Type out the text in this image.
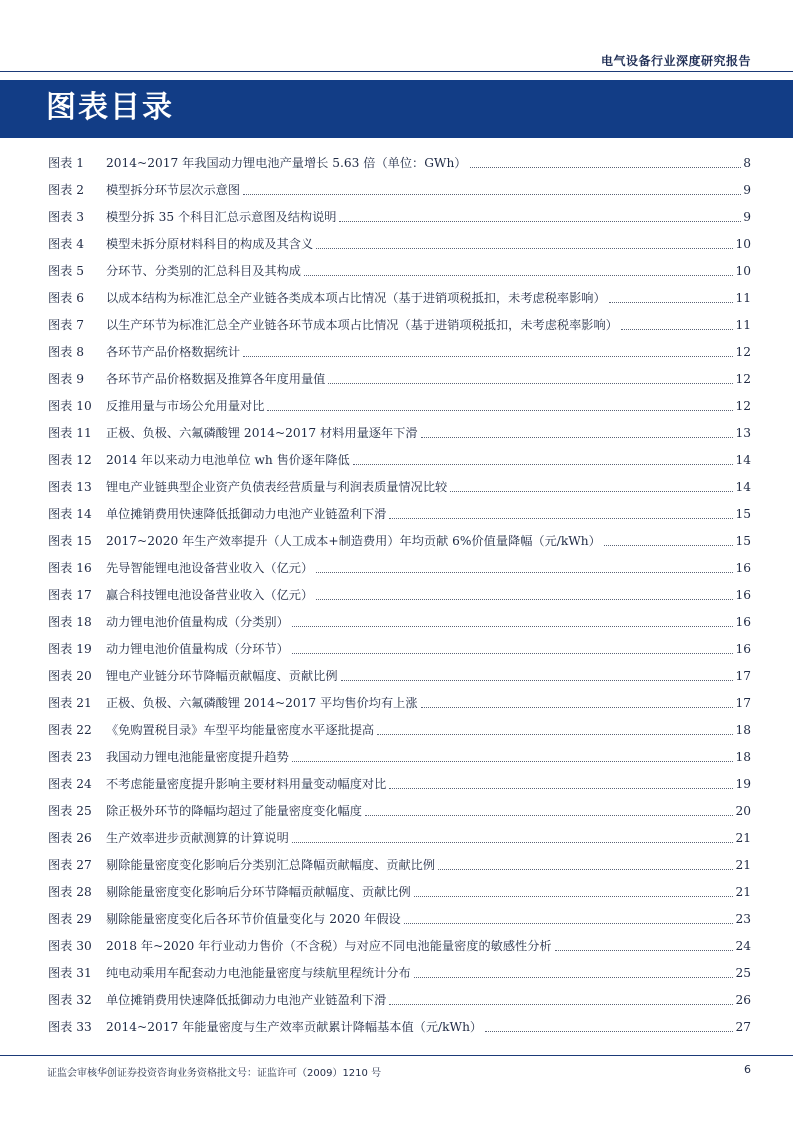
电气设备行业深度研究报告
图表目录
图表 1	2014~2017 年我国动力锂电池产量增长 5.63 倍（单位：GWh）	8
图表 2	模型拆分环节层次示意图	9
图表 3	模型分拆 35 个科目汇总示意图及结构说明	9
图表 4	模型未拆分原材料科目的构成及其含义	10
图表 5	分环节、分类别的汇总科目及其构成	10
图表 6	以成本结构为标准汇总全产业链各类成本项占比情况（基于进销项税抵扣，未考虑税率影响）	11
图表 7	以生产环节为标准汇总全产业链各环节成本项占比情况（基于进销项税抵扣，未考虑税率影响）	11
图表 8	各环节产品价格数据统计	12
图表 9	各环节产品价格数据及推算各年度用量值	12
图表 10	反推用量与市场公允用量对比	12
图表 11	正极、负极、六氟磷酸锂 2014~2017 材料用量逐年下滑	13
图表 12	2014 年以来动力电池单位 wh 售价逐年降低	14
图表 13	锂电产业链典型企业资产负债表经营质量与利润表质量情况比较	14
图表 14	单位摊销费用快速降低抵御动力电池产业链盈利下滑	15
图表 15	2017~2020 年生产效率提升（人工成本+制造费用）年均贡献 6%价值量降幅（元/kWh）	15
图表 16	先导智能锂电池设备营业收入（亿元）	16
图表 17	赢合科技锂电池设备营业收入（亿元）	16
图表 18	动力锂电池价值量构成（分类别）	16
图表 19	动力锂电池价值量构成（分环节）	16
图表 20	锂电产业链分环节降幅贡献幅度、贡献比例	17
图表 21	正极、负极、六氟磷酸锂 2014~2017 平均售价均有上涨	17
图表 22	《免购置税目录》车型平均能量密度水平逐批提高	18
图表 23	我国动力锂电池能量密度提升趋势	18
图表 24	不考虑能量密度提升影响主要材料用量变动幅度对比	19
图表 25	除正极外环节的降幅均超过了能量密度变化幅度	20
图表 26	生产效率进步贡献测算的计算说明	21
图表 27	剔除能量密度变化影响后分类别汇总降幅贡献幅度、贡献比例	21
图表 28	剔除能量密度变化影响后分环节降幅贡献幅度、贡献比例	21
图表 29	剔除能量密度变化后各环节价值量变化与 2020 年假设	23
图表 30	2018 年~2020 年行业动力售价（不含税）与对应不同电池能量密度的敏感性分析	24
图表 31	纯电动乘用车配套动力电池能量密度与续航里程统计分布	25
图表 32	单位摊销费用快速降低抵御动力电池产业链盈利下滑	26
图表 33	2014~2017 年能量密度与生产效率贡献累计降幅基本值（元/kWh）	27
证监会审核华创证券投资咨询业务资格批文号：证监许可（2009）1210 号	6
